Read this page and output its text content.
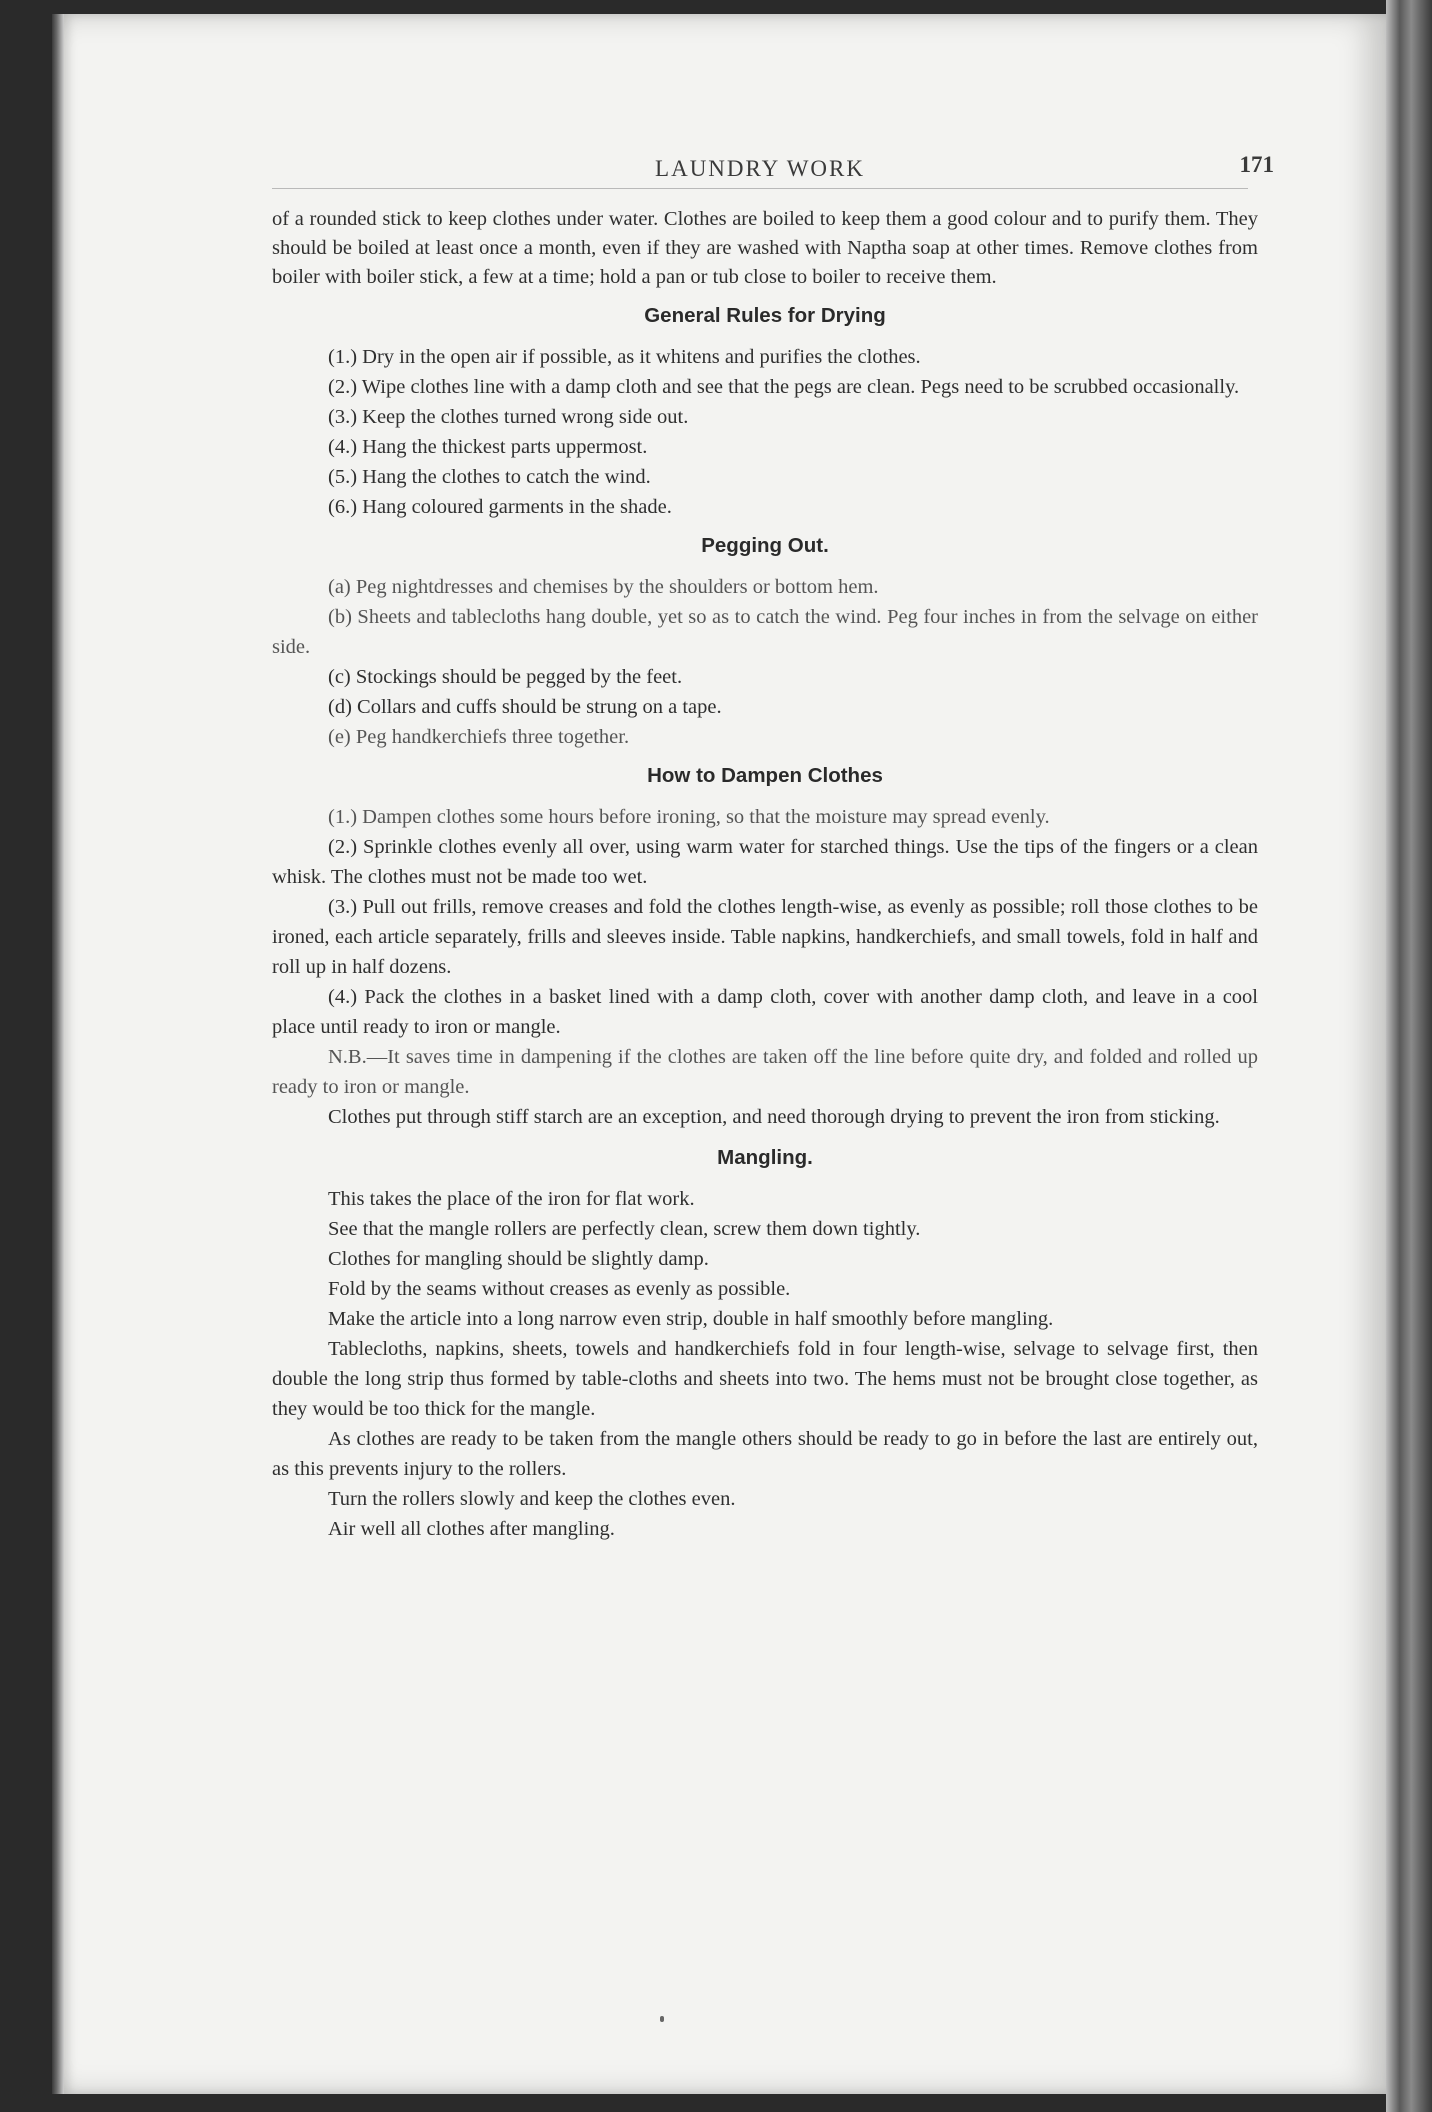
LAUNDRY WORK	171

of a rounded stick to keep clothes under water. Clothes are boiled to keep them a good colour and to purify them. They should be boiled at least once a month, even if they are washed with Naptha soap at other times. Remove clothes from boiler with boiler stick, a few at a time; hold a pan or tub close to boiler to receive them.

General Rules for Drying

(1.) Dry in the open air if possible, as it whitens and purifies the clothes.

(2.) Wipe clothes line with a damp cloth and see that the pegs are clean. Pegs need to be scrubbed occasionally.

(3.) Keep the clothes turned wrong side out.

(4.) Hang the thickest parts uppermost.

(5.) Hang the clothes to catch the wind.

(6.) Hang coloured garments in the shade.

Pegging Out.

(a) Peg nightdresses and chemises by the shoulders or bottom hem.

(b) Sheets and tablecloths hang double, yet so as to catch the wind. Peg four inches in from the selvage on either side.

(c) Stockings should be pegged by the feet.

(d) Collars and cuffs should be strung on a tape.

(e) Peg handkerchiefs three together.

How to Dampen Clothes

(1.) Dampen clothes some hours before ironing, so that the moisture may spread evenly.

(2.) Sprinkle clothes evenly all over, using warm water for starched things. Use the tips of the fingers or a clean whisk. The clothes must not be made too wet.

(3.) Pull out frills, remove creases and fold the clothes length-wise, as evenly as possible; roll those clothes to be ironed, each article separately, frills and sleeves inside. Table napkins, handkerchiefs, and small towels, fold in half and roll up in half dozens.

(4.) Pack the clothes in a basket lined with a damp cloth, cover with another damp cloth, and leave in a cool place until ready to iron or mangle.

N.B.—It saves time in dampening if the clothes are taken off the line before quite dry, and folded and rolled up ready to iron or mangle.

Clothes put through stiff starch are an exception, and need thorough drying to prevent the iron from sticking.

Mangling.

This takes the place of the iron for flat work.

See that the mangle rollers are perfectly clean, screw them down tightly.

Clothes for mangling should be slightly damp.

Fold by the seams without creases as evenly as possible.

Make the article into a long narrow even strip, double in half smoothly before mangling.

Tablecloths, napkins, sheets, towels and handkerchiefs fold in four length-wise, selvage to selvage first, then double the long strip thus formed by table-cloths and sheets into two. The hems must not be brought close together, as they would be too thick for the mangle.

As clothes are ready to be taken from the mangle others should be ready to go in before the last are entirely out, as this prevents injury to the rollers.

Turn the rollers slowly and keep the clothes even.

Air well all clothes after mangling.
